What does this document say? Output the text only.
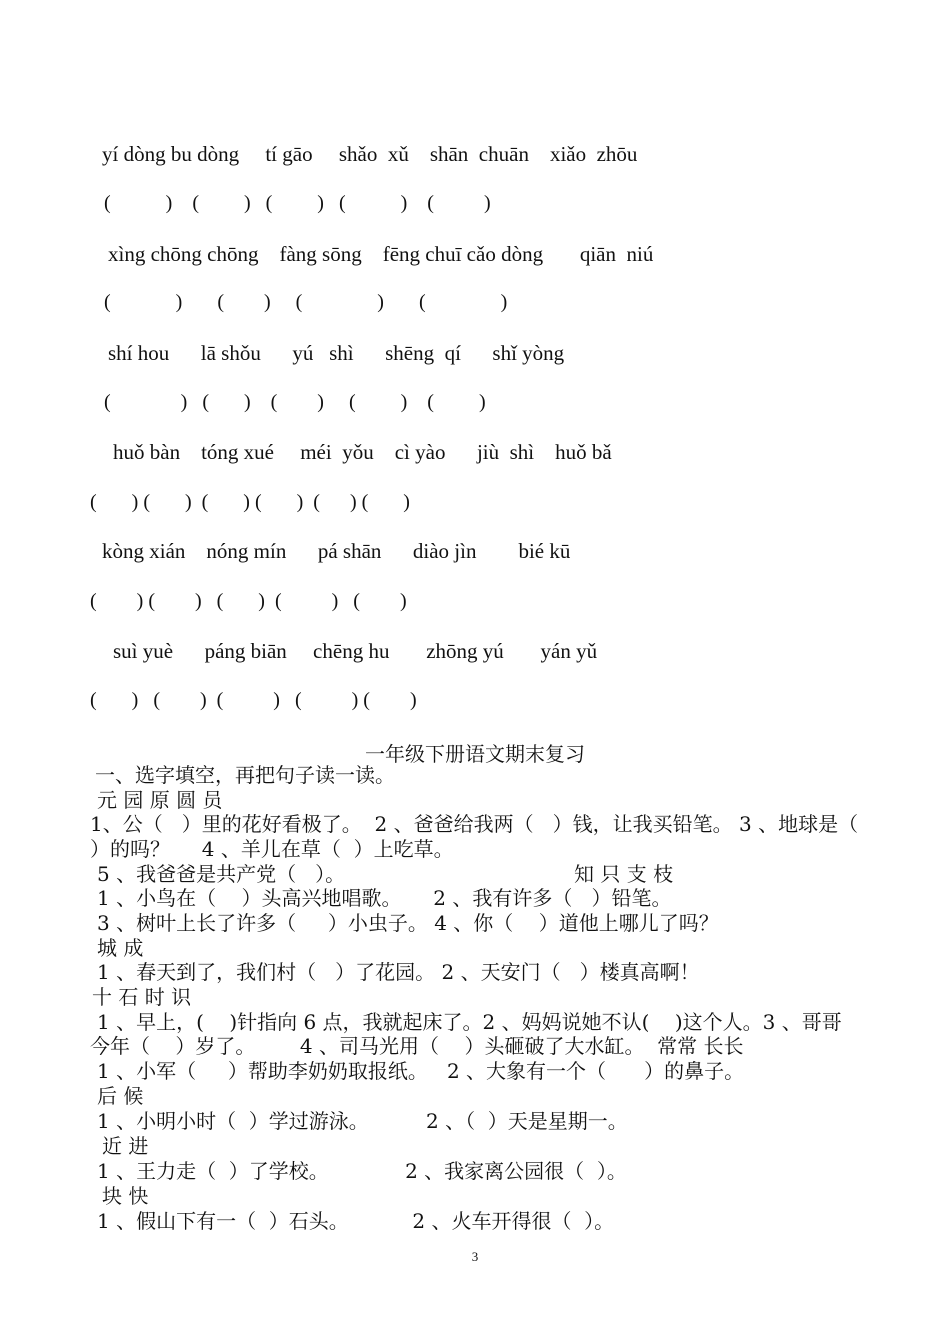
yí dòng bu dòng     tí gāo     shǎo  xǔ    shān  chuān    xiǎo  zhōu
(           )    (         )   (         )   (           )    (          )
xìng chōng chōng    fàng sōng    fēng chuī cǎo dòng       qiān  niú
(             )       (        )     (               )       (               )
shí hou      lā shǒu      yú   shì      shēng  qí      shǐ yòng
(              )   (       )    (        )     (         )    (         )
huǒ bàn    tóng xué     méi  yǒu    cì yào      jiù  shì    huǒ bǎ
(       ) (       )  (       ) (       )  (      ) (       )
kòng xián    nóng mín      pá shān      diào jìn        bié kū
(        ) (        )   (       )  (          )   (        )
suì yuè      páng biān     chēng hu       zhōng yú       yán yǔ
(       )   (        )  (          )   (          ) (        )
一年级下册语文期末复习
一、选字填空，再把句子读一读。
元 园 原 圆 员
1、公（   ）里的花好看极了。  2 、爸爸给我两（   ）钱，让我买铅笔。 3 、地球是（
）的吗？     4 、羊儿在草（  ）上吃草。
5 、我爸爸是共产党（   ）。                                    知 只 支 枝
1 、小鸟在（    ）头高兴地唱歌。     2 、我有许多（   ）铅笔。
3 、树叶上长了许多（     ）小虫子。 4 、你（    ）道他上哪儿了吗？
城 成
1 、春天到了，我们村（   ）了花园。 2 、天安门（   ）楼真高啊！
十 石 时 识
1 、早上，(    )针指向 6 点，我就起床了。2 、妈妈说她不认(    )这个人。3 、哥哥
今年（    ）岁了。       4 、司马光用（    ）头砸破了大水缸。  常常 长长
1 、小军（     ）帮助李奶奶取报纸。   2 、大象有一个（      ）的鼻子。
后 候
1 、小明小时（  ）学过游泳。         2 、（  ）天是星期一。
近 进
1 、王力走（  ）了学校。            2 、我家离公园很（  ）。
块 快
1 、假山下有一（  ）石头。          2 、火车开得很（  ）。
3
